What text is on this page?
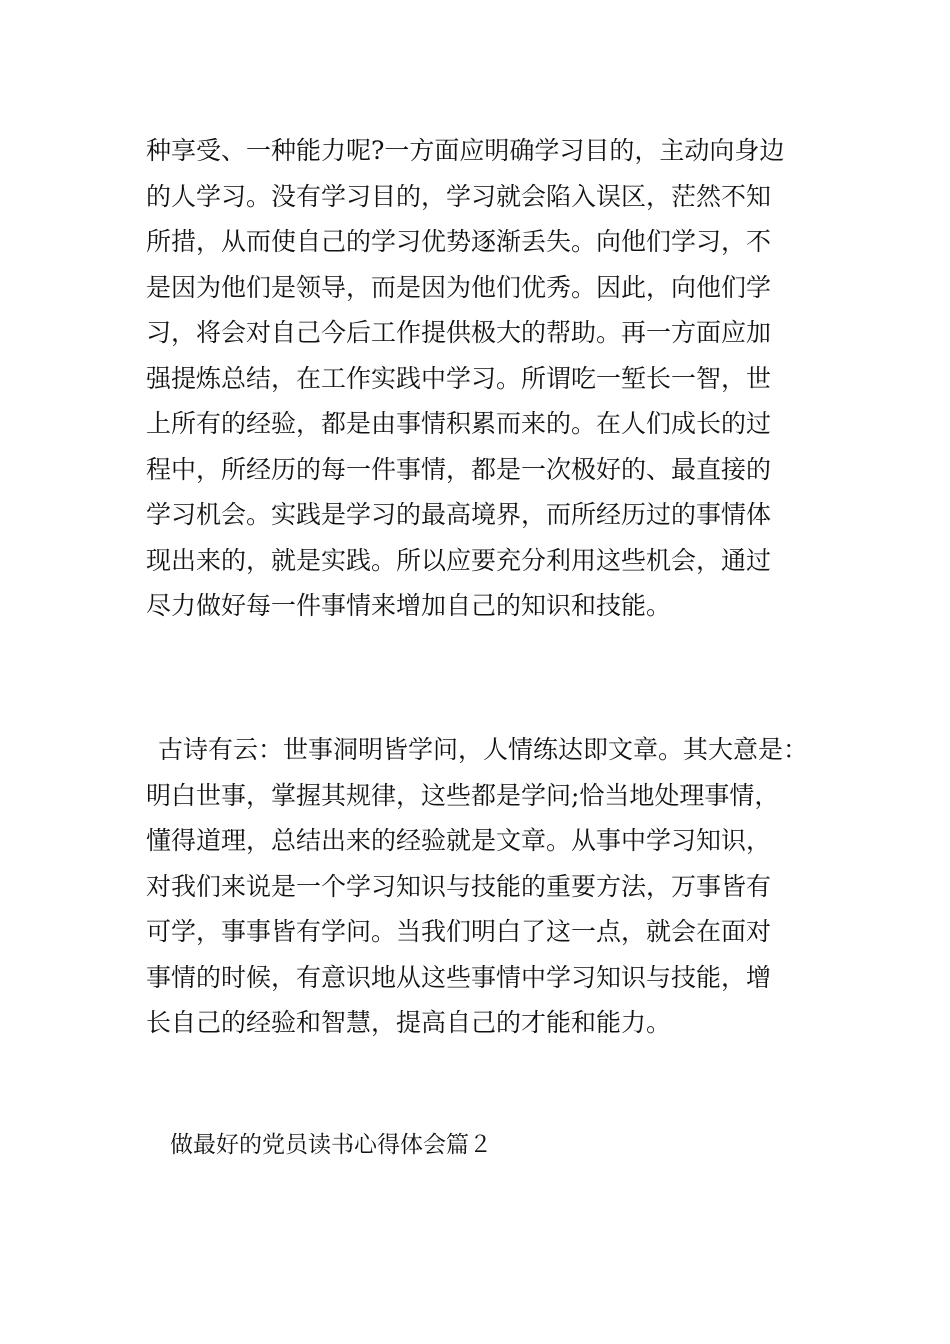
种享受、一种能力呢?一方面应明确学习目的，主动向身边
的人学习。没有学习目的，学习就会陷入误区，茫然不知
所措，从而使自己的学习优势逐渐丢失。向他们学习，不
是因为他们是领导，而是因为他们优秀。因此，向他们学
习，将会对自己今后工作提供极大的帮助。再一方面应加
强提炼总结，在工作实践中学习。所谓吃一堑长一智，世
上所有的经验，都是由事情积累而来的。在人们成长的过
程中，所经历的每一件事情，都是一次极好的、最直接的
学习机会。实践是学习的最高境界，而所经历过的事情体
现出来的，就是实践。所以应要充分利用这些机会，通过
尽力做好每一件事情来增加自己的知识和技能。
古诗有云：世事洞明皆学问，人情练达即文章。其大意是：
明白世事，掌握其规律，这些都是学问;恰当地处理事情，
懂得道理，总结出来的经验就是文章。从事中学习知识，
对我们来说是一个学习知识与技能的重要方法，万事皆有
可学，事事皆有学问。当我们明白了这一点，就会在面对
事情的时候，有意识地从这些事情中学习知识与技能，增
长自己的经验和智慧，提高自己的才能和能力。
做最好的党员读书心得体会篇２
